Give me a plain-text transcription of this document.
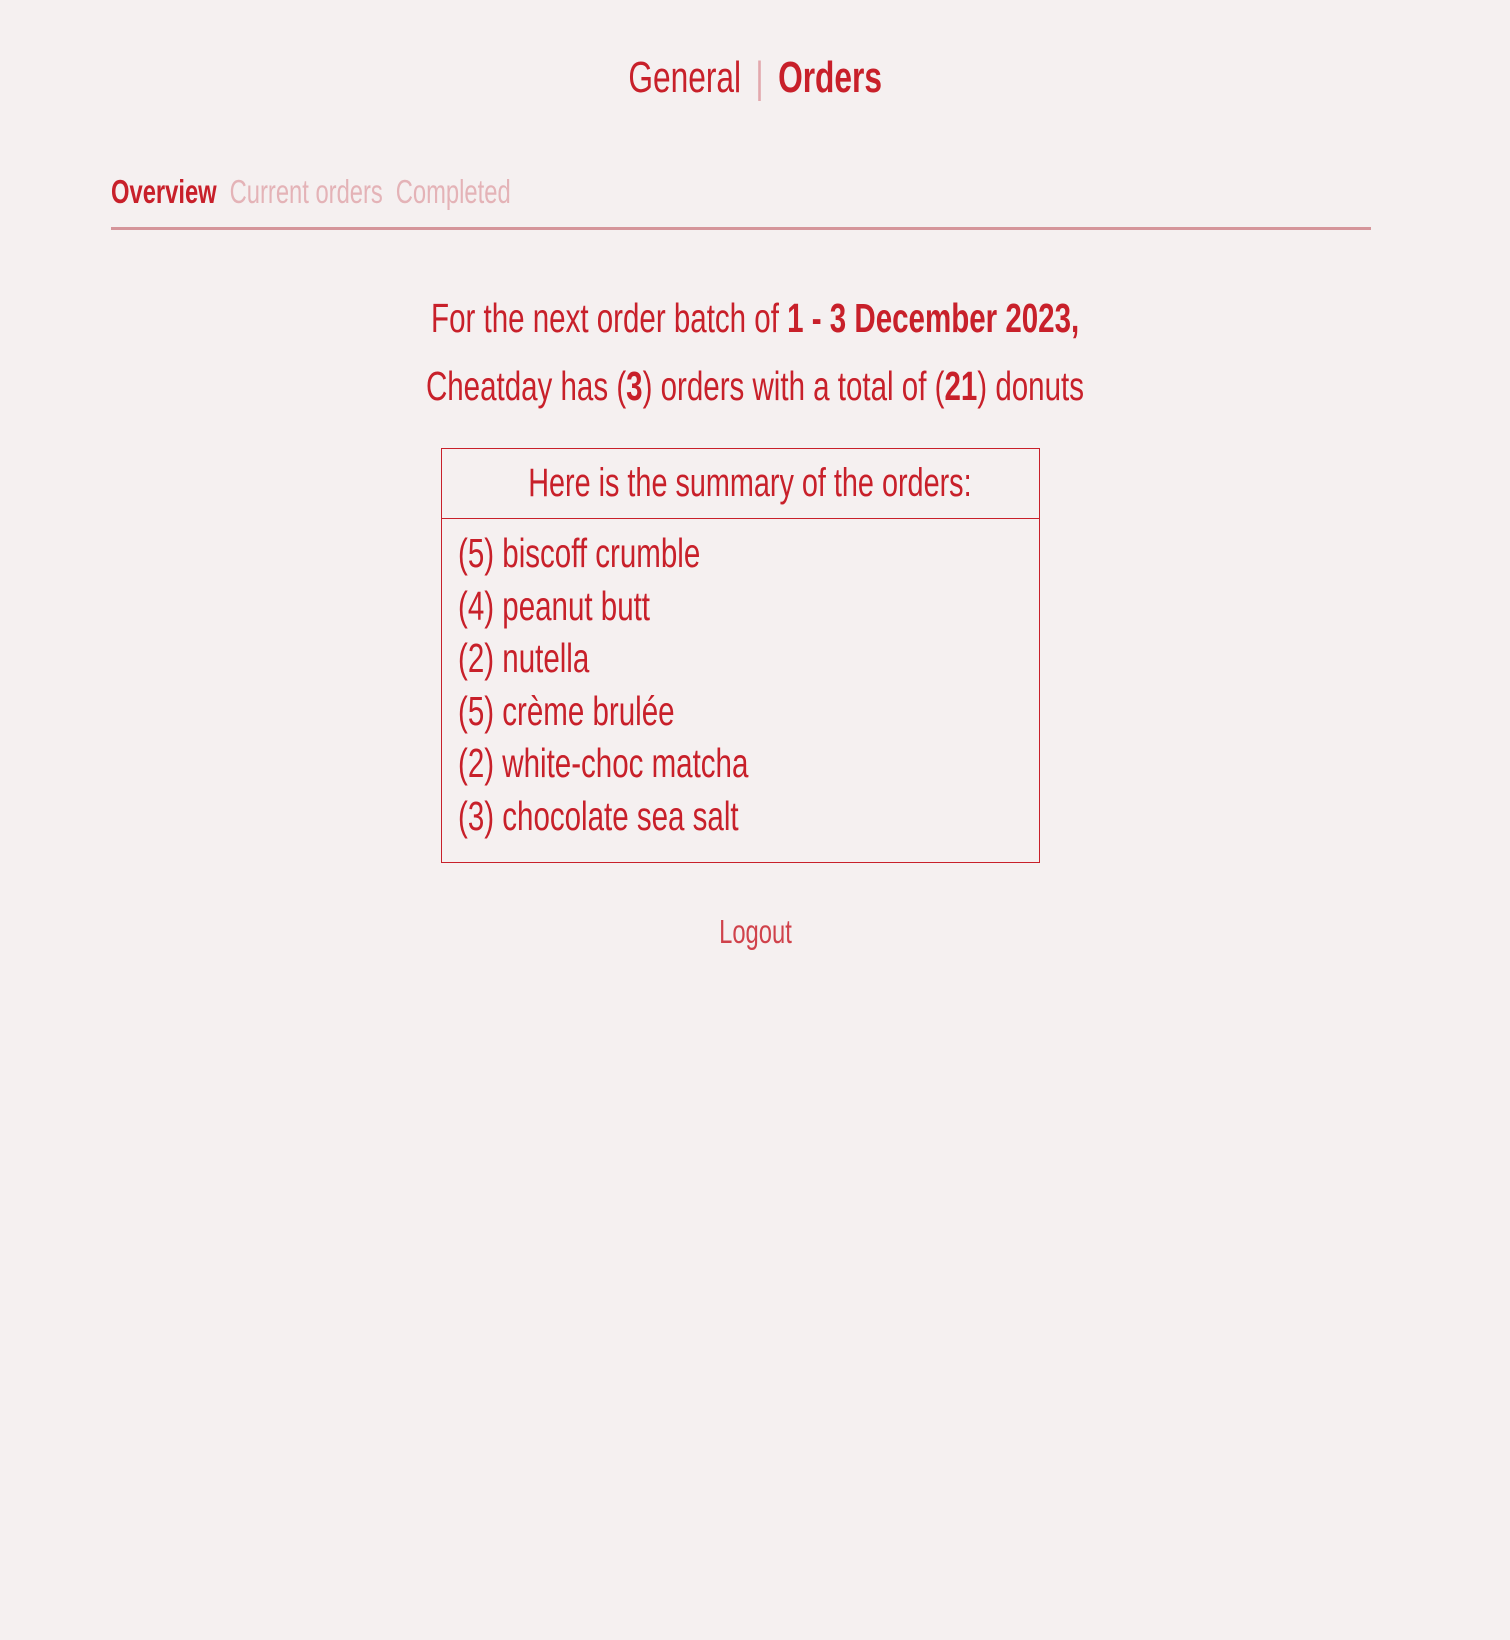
General | Orders
Overview Current orders Completed
For the next order batch of 1 - 3 December 2023,
Cheatday has (3) orders with a total of (21) donuts
Here is the summary of the orders:
(5) biscoff crumble
(4) peanut butt
(2) nutella
(5) crème brulée
(2) white-choc matcha
(3) chocolate sea salt
Logout
